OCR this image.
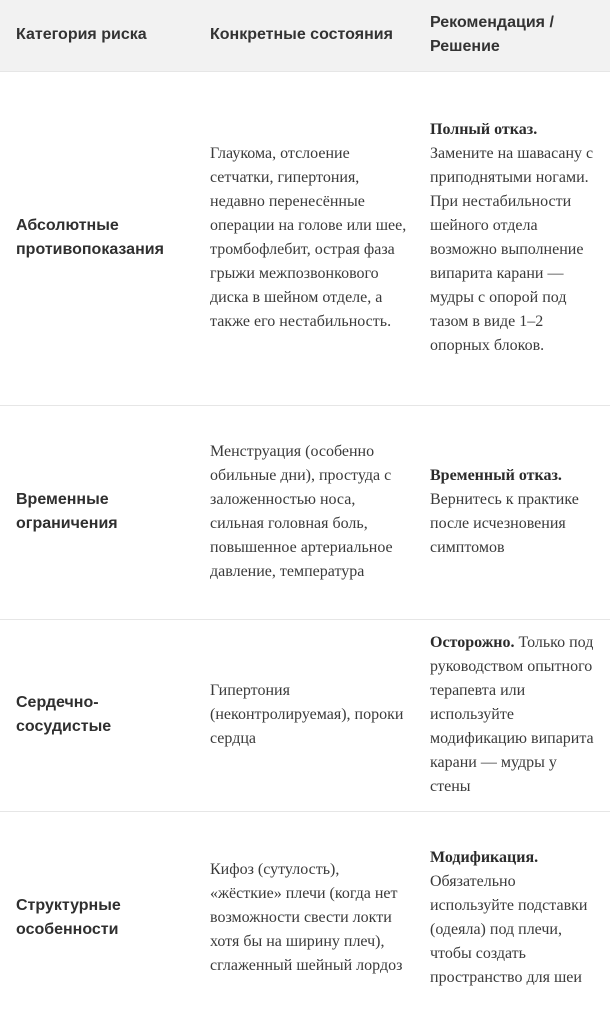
Категория риска	Конкретные состояния	Рекомендация / Решение
Абсолютные противопоказания	Глаукома, отслоение сетчатки, гипертония, недавно перенесённые операции на голове или шее, тромбофлебит, острая фаза грыжи межпозвонкового диска в шейном отделе, а также его нестабильность.	Полный отказ. Замените на шавасану с приподнятыми ногами. При нестабильности шейного отдела возможно выполнение випарита карани — мудры с опорой под тазом в виде 1–2 опорных блоков.
Временные ограничения	Менструация (особенно обильные дни), простуда с заложенностью носа, сильная головная боль, повышенное артериальное давление, температура	Временный отказ. Вернитесь к практике после исчезновения симптомов
Сердечно-сосудистые	Гипертония (неконтролируемая), пороки сердца	Осторожно. Только под руководством опытного терапевта или используйте модификацию випарита карани — мудры у стены
Структурные особенности	Кифоз (сутулость), «жёсткие» плечи (когда нет возможности свести локти хотя бы на ширину плеч), сглаженный шейный лордоз	Модификация. Обязательно используйте подставки (одеяла) под плечи, чтобы создать пространство для шеи
